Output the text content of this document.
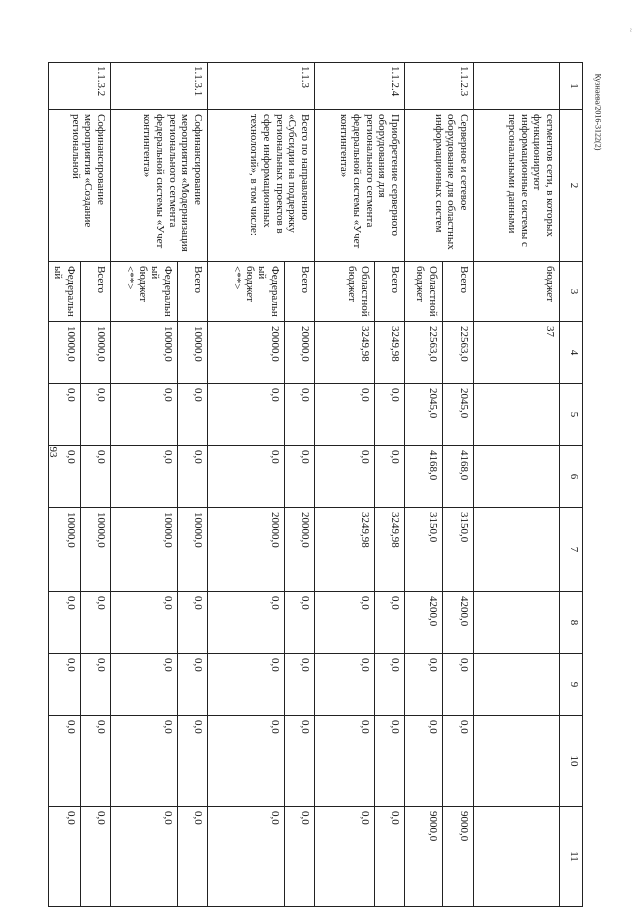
93
Кузнаева/2016-3122(2)
~
1	2	3	4	5	6	7	8	9	10	11
	сегментов сети, в которых функционируют информационные системы с персональными данными	бюджет	37							
1.1.2.3	Серверное и сетевое оборудование для областных информационных систем	Всего	22563,0	2045,0	4168,0	3150,0	4200,0	0,0	0,0	9000,0
		Областной бюджет	22563,0	2045,0	4168,0	3150,0	4200,0	0,0	0,0	9000,0
1.1.2.4	Приобретение серверного оборудования для регионального сегмента федеральной системы «Учет контингента»	Всего	3249,98	0,0	0,0	3249,98	0,0	0,0	0,0	0,0
		Областной бюджет	3249,98	0,0	0,0	3249,98	0,0	0,0	0,0	0,0
1.1.3	Всего по направлению «Субсидии на поддержку региональных проектов в сфере информационных технологий», в том числе:	Всего	20000,0	0,0	0,0	20000,0	0,0	0,0	0,0	0,0
		Федеральный бюджет <**>	20000,0	0,0	0,0	20000,0	0,0	0,0	0,0	0,0
1.1.3.1	Софинансирование мероприятия «Модернизация регионального сегмента федеральной системы «Учет контингента»	Всего	10000,0	0,0	0,0	10000,0	0,0	0,0	0,0	0,0
		Федеральный бюджет <**>	10000,0	0,0	0,0	10000,0	0,0	0,0	0,0	0,0
1.1.3.2	Софинансирование мероприятия «Создание региональной	Всего	10000,0	0,0	0,0	10000,0	0,0	0,0	0,0	0,0
		Федеральный	10000,0	0,0	0,0	10000,0	0,0	0,0	0,0	0,0
